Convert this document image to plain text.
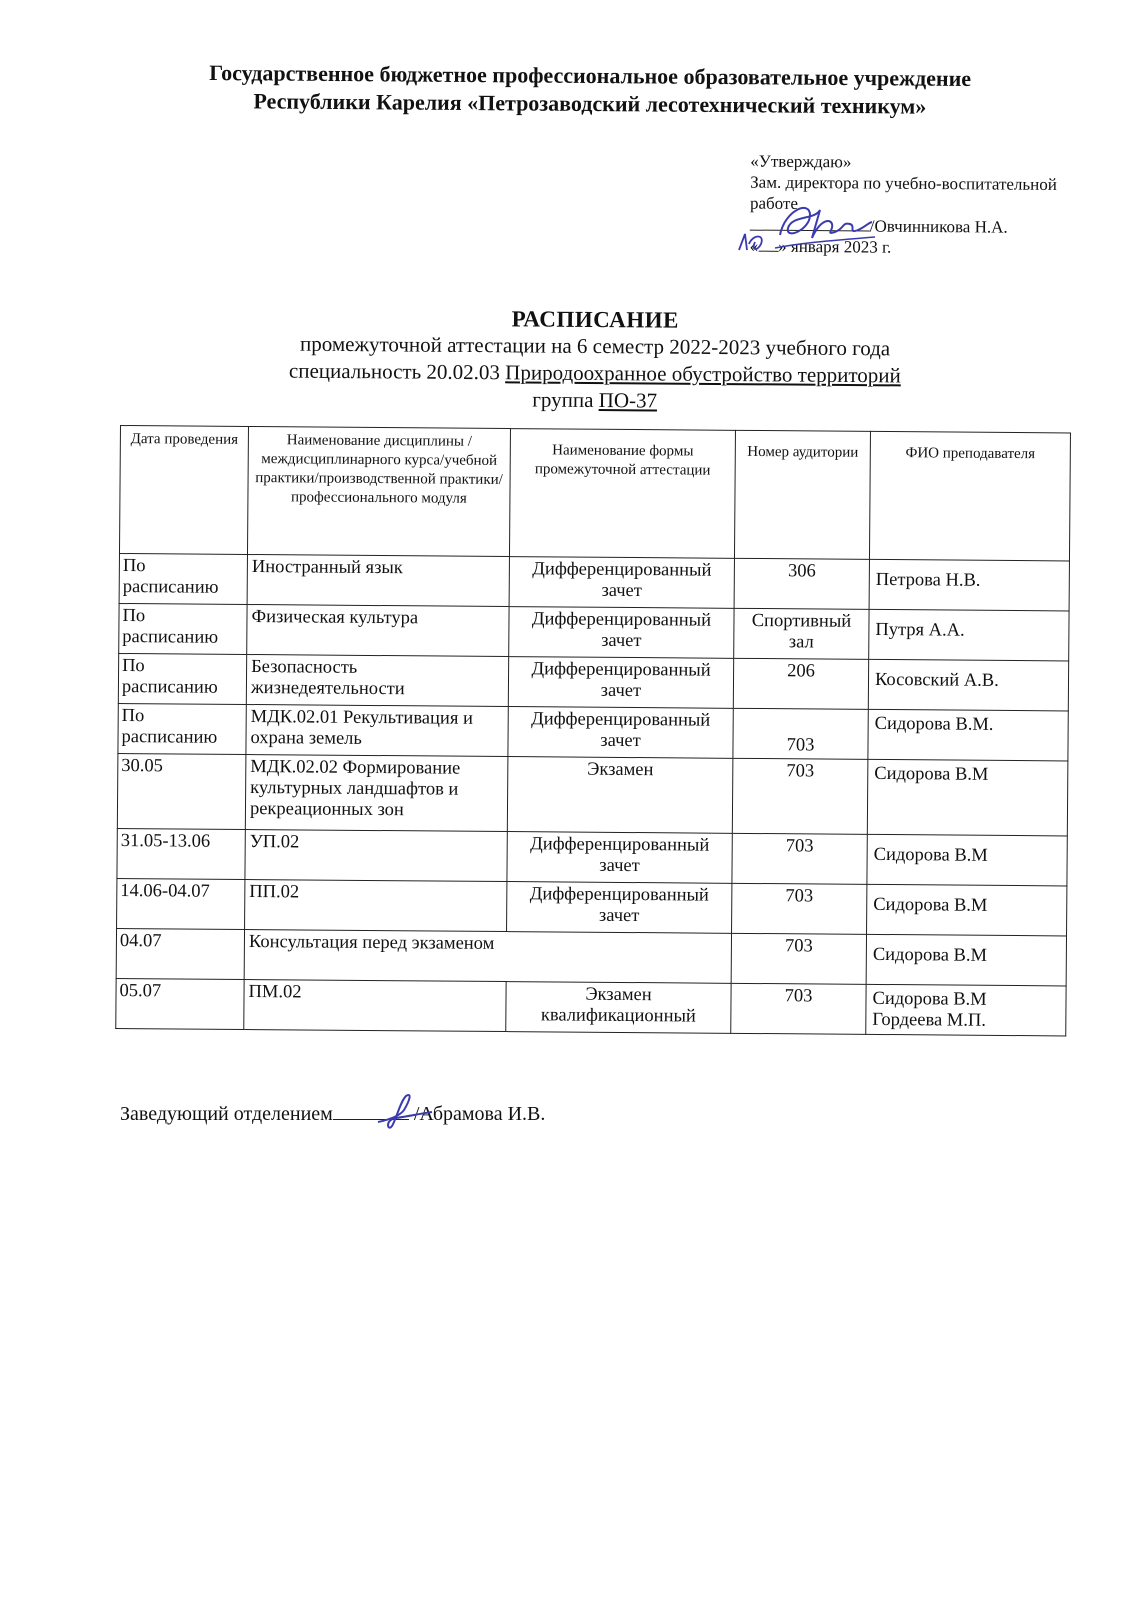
Государственное бюджетное профессиональное образовательное учреждение
Республики Карелия «Петрозаводский лесотехнический техникум»
«Утверждаю»
Зам. директора по учебно-воспитательной
работе
/Овчинникова Н.А.
« » января 2023 г.
РАСПИСАНИЕ
промежуточной аттестации на 6 семестр 2022-2023 учебного года
специальность 20.02.03 Природоохранное обустройство территорий
группа ПО-37
Дата проведения	Наименование дисциплины /междисциплинарного курса/учебной практики/производственной практики/профессионального модуля	Наименование формы промежуточной аттестации	Номер аудитории	ФИО преподавателя
По расписанию	Иностранный язык	Дифференцированный зачет	306	Петрова Н.В.
По расписанию	Физическая культура	Дифференцированный зачет	Спортивный зал	Путря А.А.
По расписанию	Безопасность жизнедеятельности	Дифференцированный зачет	206	Косовский А.В.
По расписанию	МДК.02.01 Рекультивация и охрана земель	Дифференцированный зачет	703	Сидорова В.М.
30.05	МДК.02.02 Формирование культурных ландшафтов и рекреационных зон	Экзамен	703	Сидорова В.М
31.05-13.06	УП.02	Дифференцированный зачет	703	Сидорова В.М
14.06-04.07	ПП.02	Дифференцированный зачет	703	Сидорова В.М
04.07	Консультация перед экзаменом		703	Сидорова В.М
05.07	ПМ.02	Экзамен квалификационный	703	Сидорова В.М
Гордеева М.П.
Заведующий отделением	/Абрамова И.В.
